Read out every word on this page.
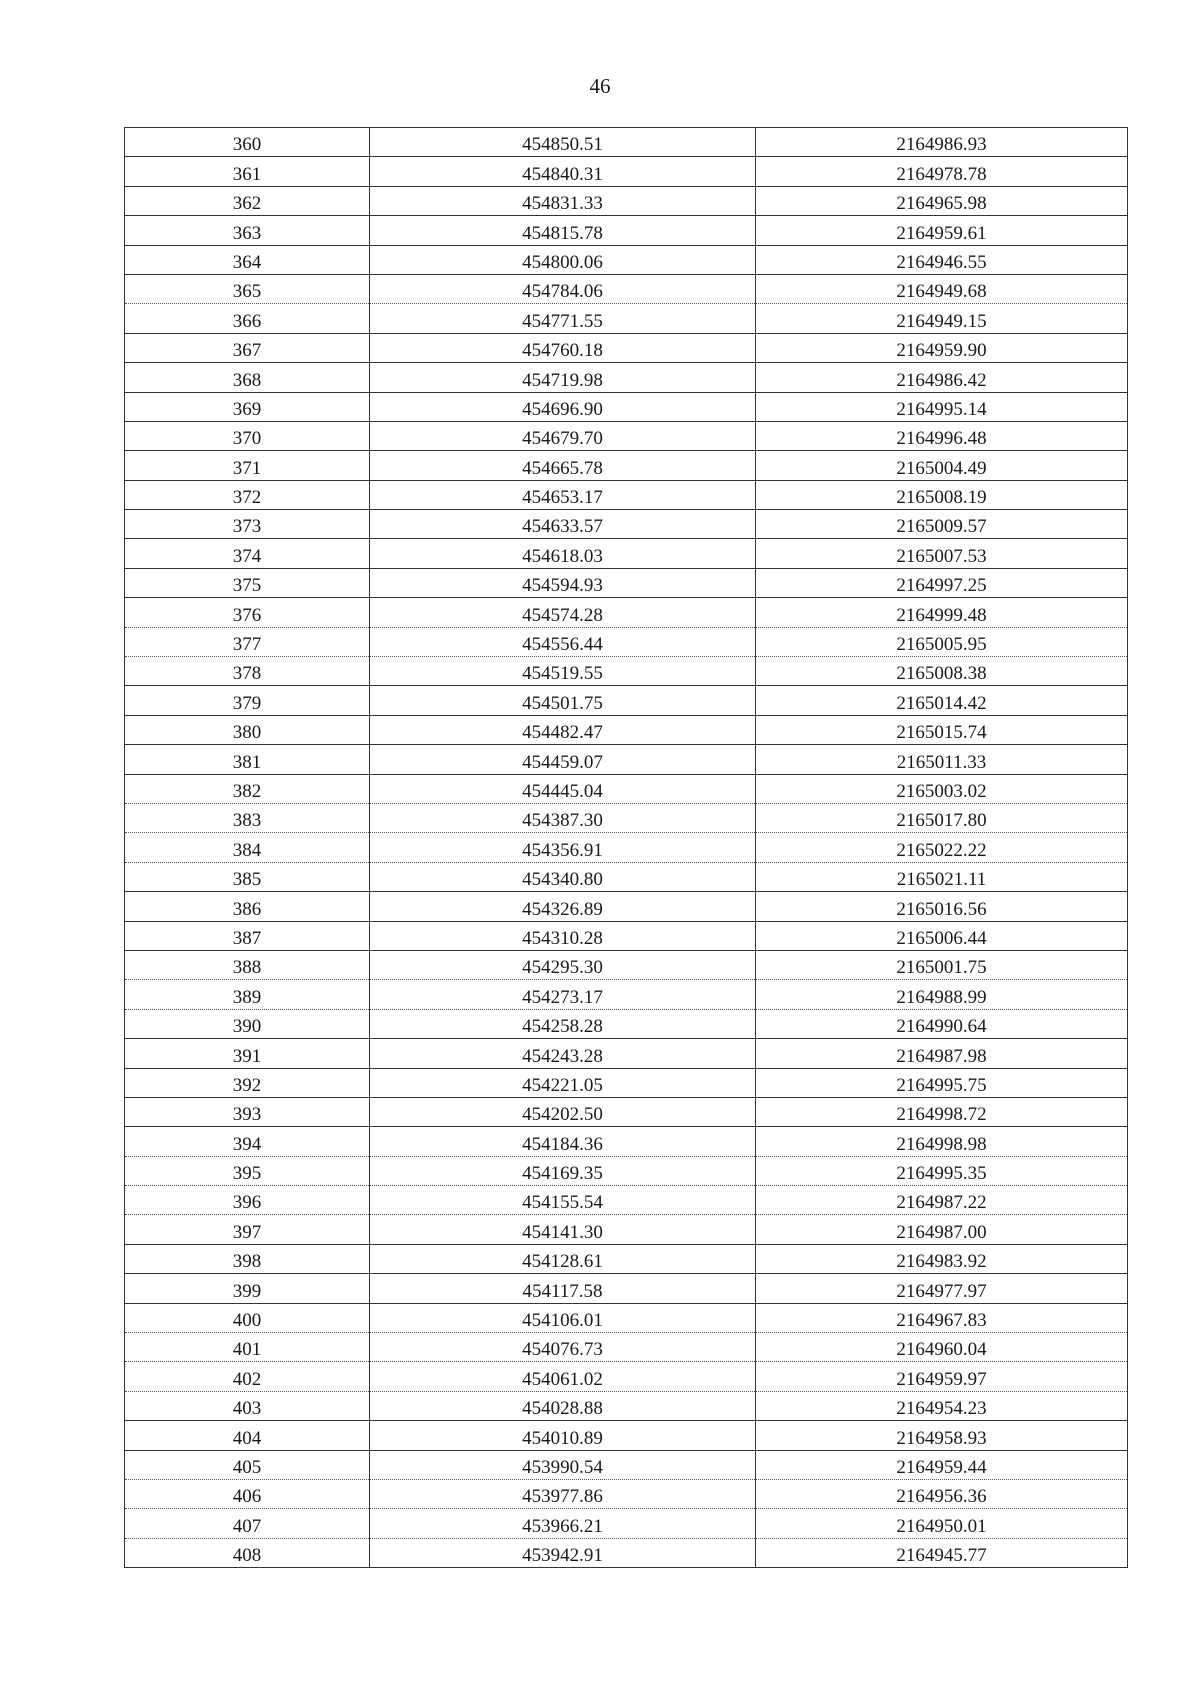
46
360	454850.51	2164986.93
361	454840.31	2164978.78
362	454831.33	2164965.98
363	454815.78	2164959.61
364	454800.06	2164946.55
365	454784.06	2164949.68
366	454771.55	2164949.15
367	454760.18	2164959.90
368	454719.98	2164986.42
369	454696.90	2164995.14
370	454679.70	2164996.48
371	454665.78	2165004.49
372	454653.17	2165008.19
373	454633.57	2165009.57
374	454618.03	2165007.53
375	454594.93	2164997.25
376	454574.28	2164999.48
377	454556.44	2165005.95
378	454519.55	2165008.38
379	454501.75	2165014.42
380	454482.47	2165015.74
381	454459.07	2165011.33
382	454445.04	2165003.02
383	454387.30	2165017.80
384	454356.91	2165022.22
385	454340.80	2165021.11
386	454326.89	2165016.56
387	454310.28	2165006.44
388	454295.30	2165001.75
389	454273.17	2164988.99
390	454258.28	2164990.64
391	454243.28	2164987.98
392	454221.05	2164995.75
393	454202.50	2164998.72
394	454184.36	2164998.98
395	454169.35	2164995.35
396	454155.54	2164987.22
397	454141.30	2164987.00
398	454128.61	2164983.92
399	454117.58	2164977.97
400	454106.01	2164967.83
401	454076.73	2164960.04
402	454061.02	2164959.97
403	454028.88	2164954.23
404	454010.89	2164958.93
405	453990.54	2164959.44
406	453977.86	2164956.36
407	453966.21	2164950.01
408	453942.91	2164945.77
